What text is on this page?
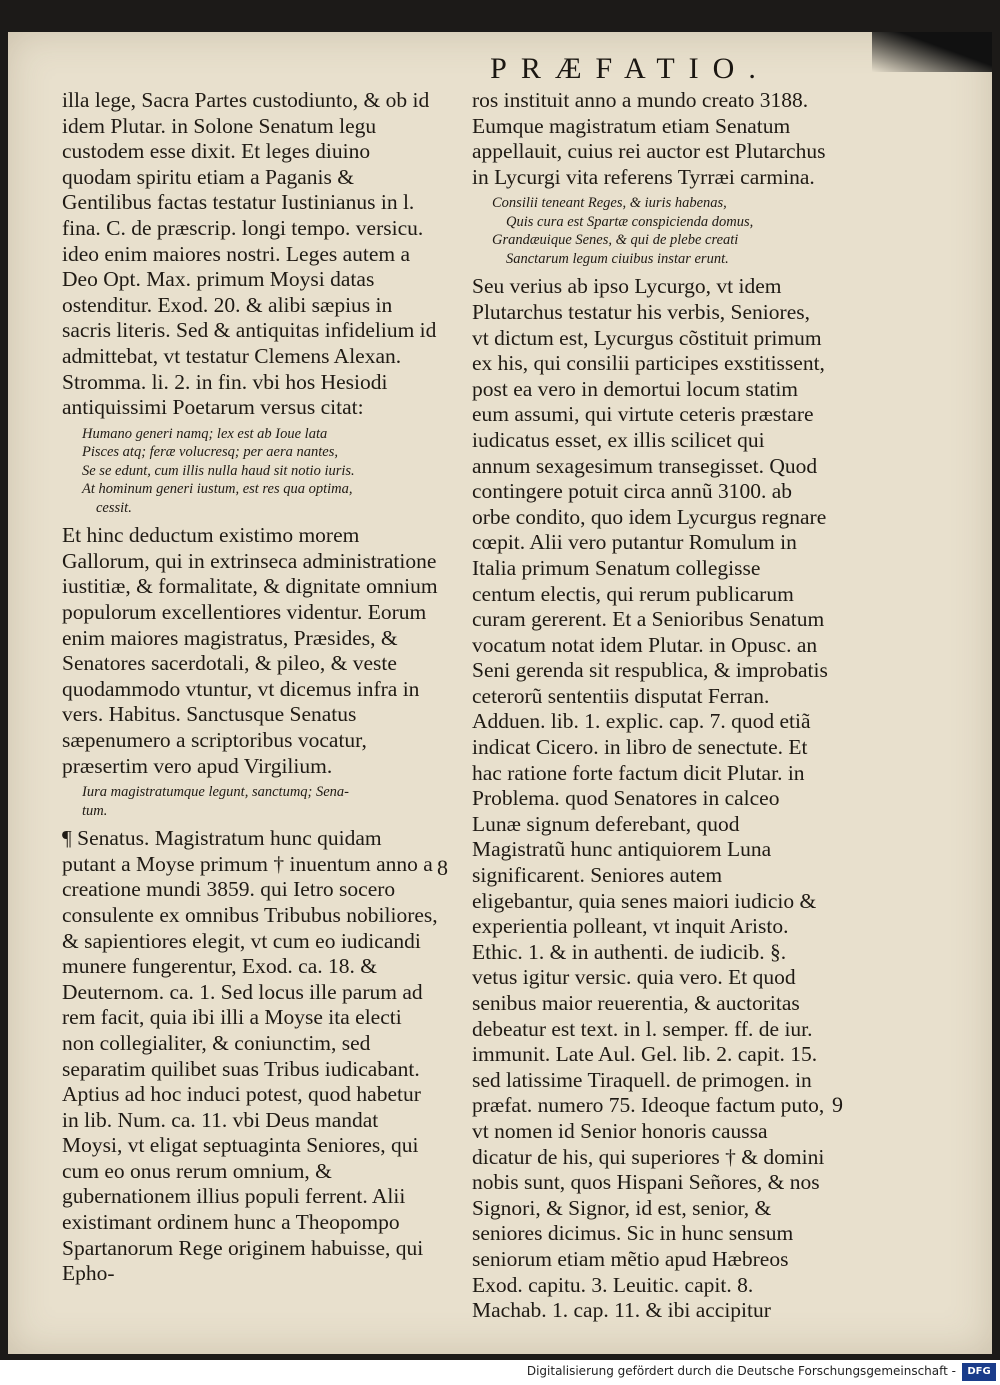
PRÆFATIO.

illa lege, Sacra Partes custodiunto, & ob id idem Plutar. in Solone Senatum legu custodem esse dixit. Et leges diuino quodam spiritu etiam a Paganis & Gentilibus factas testatur Iustinianus in l. fina. C. de præscrip. longi tempo. versicu. ideo enim maiores nostri. Leges autem a Deo Opt. Max. primum Moysi datas ostenditur. Exod. 20. & alibi sæpius in sacris literis. Sed & antiquitas infidelium id admittebat, vt testatur Clemens Alexan. Stromma. li. 2. in fin. vbi hos Hesiodi antiquissimi Poetarum versus citat:

Humano generi namq; lex est ab Ioue lata
Pisces atq; feræ volucresq; per aera nantes,
Se se edunt, cum illis nulla haud sit notio iuris.
At hominum generi iustum, est res qua optima,
cessit.

Et hinc deductum existimo morem Gallorum, qui in extrinseca administratione iustitiæ, & formalitate, & dignitate omnium populorum excellentiores videntur. Eorum enim maiores magistratus, Præsides, & Senatores sacerdotali, & pileo, & veste quodammodo vtuntur, vt dicemus infra in vers. Habitus. Sanctusque Senatus sæpenumero a scriptoribus vocatur, præsertim vero apud Virgilium.

Iura magistratumque legunt, sanctumq; Sena-
tum.

¶ Senatus. Magistratum hunc quidam putant a Moyse primum † inuentum anno a creatione mundi 3859. qui Ietro socero consulente ex omnibus Tribubus nobiliores, & sapientiores elegit, vt cum eo iudicandi munere fungerentur, Exod. ca. 18. & Deuternom. ca. 1. Sed locus ille parum ad rem facit, quia ibi illi a Moyse ita electi non collegialiter, & coniunctim, sed separatim quilibet suas Tribus iudicabant. Aptius ad hoc induci potest, quod habetur in lib. Num. ca. 11. vbi Deus mandat Moysi, vt eligat septuaginta Seniores, qui cum eo onus rerum omnium, & gubernationem illius populi ferrent. Alii existimant ordinem hunc a Theopompo Spartanorum Rege originem habuisse, qui Epho-

ros instituit anno a mundo creato 3188. Eumque magistratum etiam Senatum appellauit, cuius rei auctor est Plutarchus in Lycurgi vita referens Tyrræi carmina.

Consilii teneant Reges, & iuris habenas,
Quis cura est Spartæ conspicienda domus,
Grandæuique Senes, & qui de plebe creati
Sanctarum legum ciuibus instar erunt.

Seu verius ab ipso Lycurgo, vt idem Plutarchus testatur his verbis, Seniores, vt dictum est, Lycurgus cõstituit primum ex his, qui consilii participes exstitissent, post ea vero in demortui locum statim eum assumi, qui virtute ceteris præstare iudicatus esset, ex illis scilicet qui annum sexagesimum transegisset. Quod contingere potuit circa annũ 3100. ab orbe condito, quo idem Lycurgus regnare cœpit. Alii vero putantur Romulum in Italia primum Senatum collegisse centum electis, qui rerum publicarum curam gererent. Et a Senioribus Senatum vocatum notat idem Plutar. in Opusc. an Seni gerenda sit respublica, & improbatis ceterorũ sententiis disputat Ferran. Adduen. lib. 1. explic. cap. 7. quod etiã indicat Cicero. in libro de senectute. Et hac ratione forte factum dicit Plutar. in Problema. quod Senatores in calceo Lunæ signum deferebant, quod Magistratũ hunc antiquiorem Luna significarent. Seniores autem eligebantur, quia senes maiori iudicio & experientia polleant, vt inquit Aristo. Ethic. 1. & in authenti. de iudicib. §. vetus igitur versic. quia vero. Et quod senibus maior reuerentia, & auctoritas debeatur est text. in l. semper. ff. de iur. immunit. Late Aul. Gel. lib. 2. capit. 15. sed latissime Tiraquell. de primogen. in præfat. numero 75. Ideoque factum puto, vt nomen id Senior honoris caussa dicatur de his, qui superiores † & domini nobis sunt, quos Hispani Señores, & nos Signori, & Signor, id est, senior, & seniores dicimus. Sic in hunc sensum seniorum etiam mẽtio apud Hæbreos Exod. capitu. 3. Leuitic. capit. 8. Machab. 1. cap. 11. & ibi accipitur

8
9
Digitalisierung gefördert durch die Deutsche Forschungsgemeinschaft -	DFG
